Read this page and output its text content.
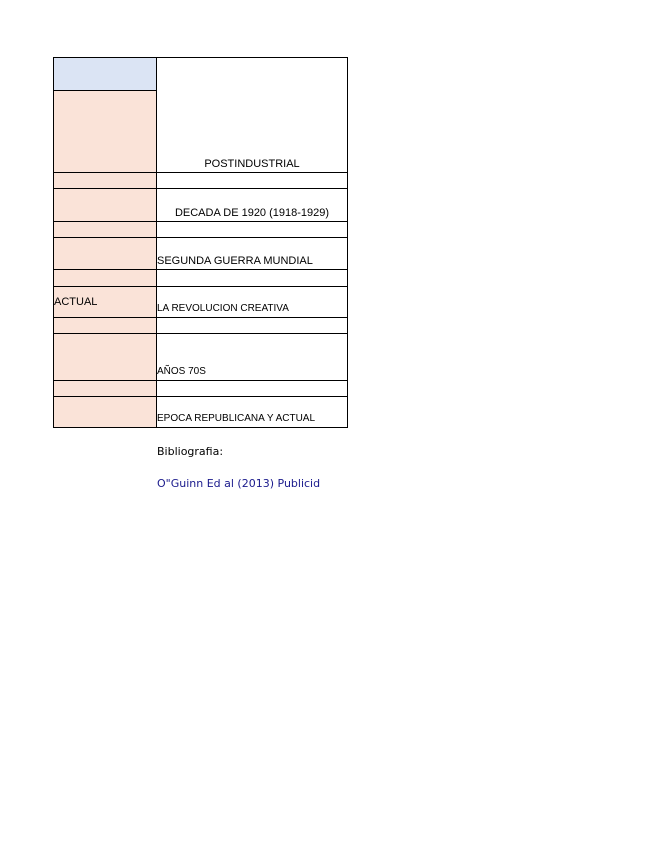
	POSTINDUSTRIAL

	DECADA DE 1920 (1918-1929)

	SEGUNDA GUERRA MUNDIAL

ACTUAL	LA REVOLUCION CREATIVA

	AÑOS 70S

	EPOCA REPUBLICANA Y ACTUAL
Bibliografia:
O"Guinn Ed al (2013) Publicid
